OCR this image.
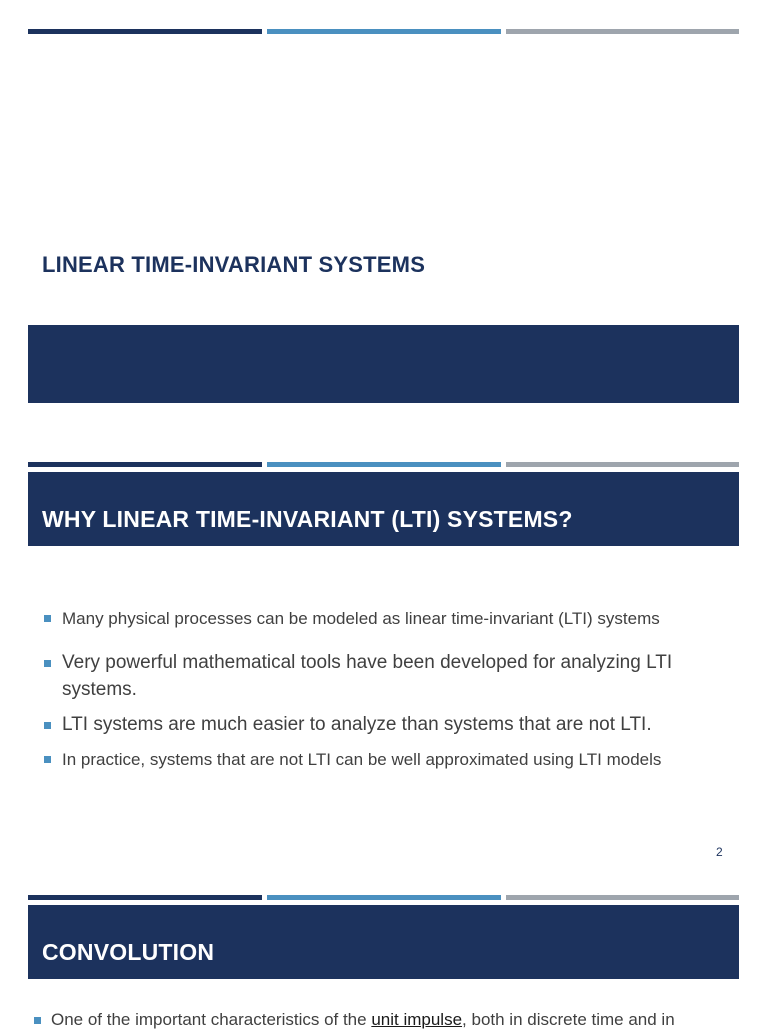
LINEAR TIME-INVARIANT SYSTEMS
WHY LINEAR TIME-INVARIANT (LTI) SYSTEMS?
Many physical processes can be modeled as linear time-invariant (LTI) systems
Very powerful mathematical tools have been developed for analyzing LTI systems.
LTI systems are much easier to analyze than systems that are not LTI.
In practice, systems that are not LTI can be well approximated using LTI models
2
CONVOLUTION

One of the important characteristics of the unit impulse, both in discrete time and in
